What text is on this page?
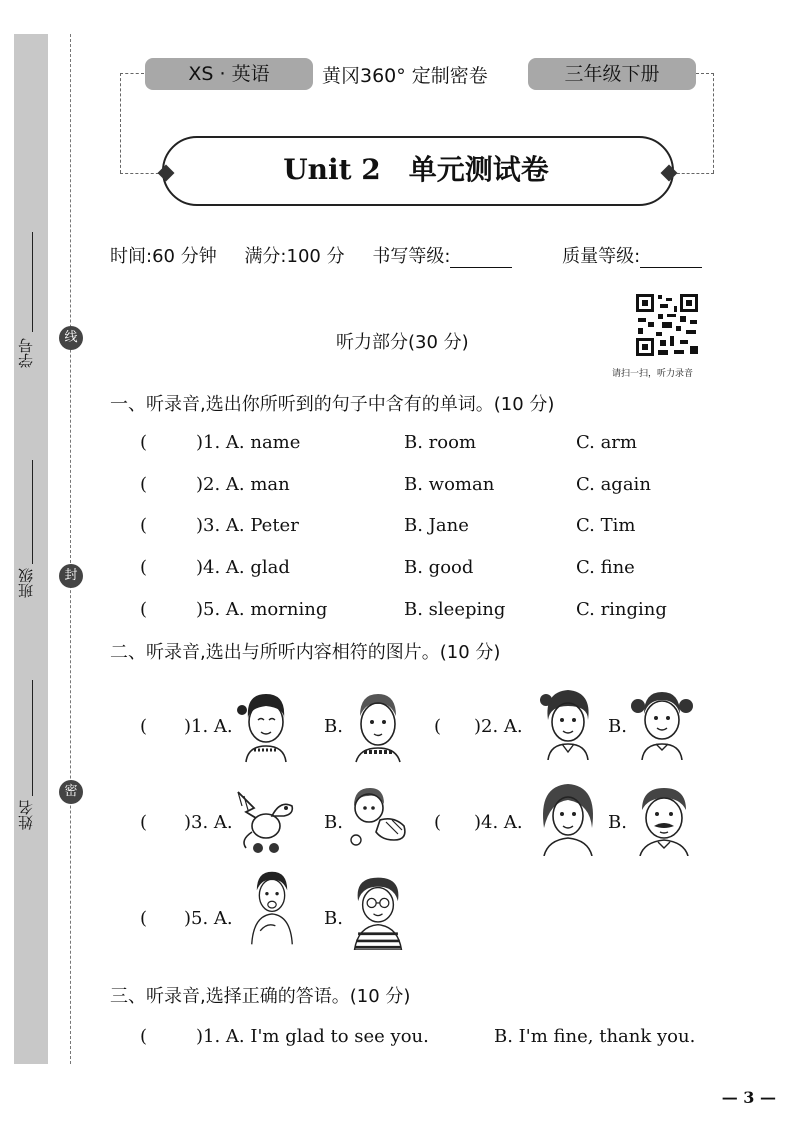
线
封
密
学号
班级
姓名
XS · 英语	黄冈360° 定制密卷	三年级下册
Unit 2　单元测试卷
时间:60 分钟 满分:100 分 书写等级:	质量等级:
听力部分(30 分)
请扫一扫，听力录音
一、听录音,选出你所听到的句子中含有的单词。(10 分)
(	)1. A. name	B. room	C. arm
(	)2. A. man	B. woman	C. again
(	)3. A. Peter	B. Jane	C. Tim
(	)4. A. glad	B. good	C. fine
(	)5. A. morning	B. sleeping	C. ringing
二、听录音,选出与所听内容相符的图片。(10 分)
( )1. A.	B.	( )2. A.	B.
( )3. A.	B.	( )4. A.	B.
( )5. A.	B.
三、听录音,选择正确的答语。(10 分)
(	)1. A. I'm glad to see you.	B. I'm fine, thank you.
— 3 —
